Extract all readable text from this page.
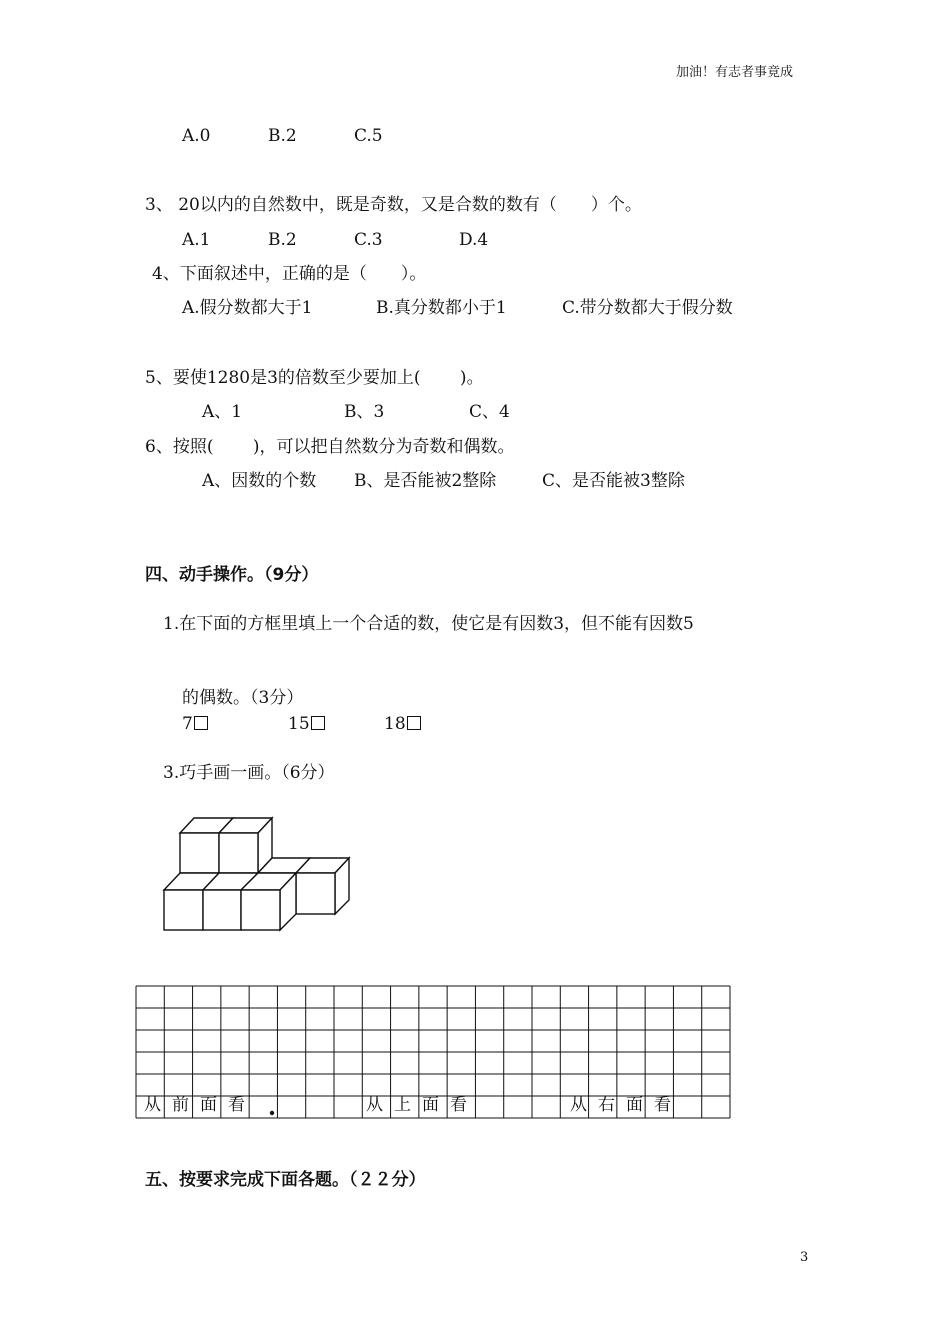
加油！有志者事竟成
A.0	B.2	C.5
3、 20以内的自然数中，既是奇数，又是合数的数有（　　）个。
A.1	B.2	C.3	D.4
4、下面叙述中，正确的是（　　）。
A.假分数都大于1	B.真分数都小于1	C.带分数都大于假分数
5、要使1280是3的倍数至少要加上(　　 )。
A、1	B、3	C、4
6、按照(　　 )，可以把自然数分为奇数和偶数。
A、因数的个数 B、是否能被2整除	C、是否能被3整除
四、动手操作。（9分）
1.在下面的方框里填上一个合适的数，使它是有因数3，但不能有因数5
的偶数。（3分）
7	15	18
3.巧手画一画。（6分）
从 前 面 看	从 上 面 看	从 右 面 看
五、按要求完成下面各题。（２２分）
3
